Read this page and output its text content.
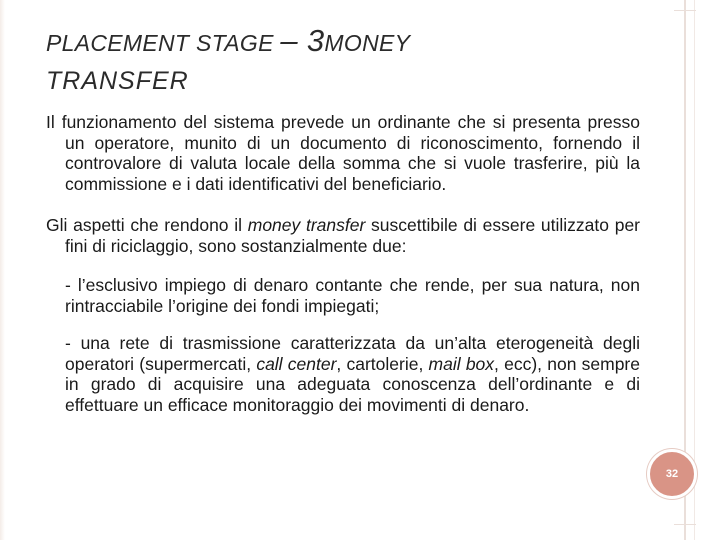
PLACEMENT STAGE – 3MONEY
TRANSFER

Il funzionamento del sistema prevede un ordinante che si presenta presso un operatore, munito di un documento di riconoscimento, fornendo il controvalore di valuta locale della somma che si vuole trasferire, più la commissione e i dati identificativi del beneficiario.

Gli aspetti che rendono il money transfer suscettibile di essere utilizzato per fini di riciclaggio, sono sostanzialmente due:

- l’esclusivo impiego di denaro contante che rende, per sua natura, non rintracciabile l’origine dei fondi impiegati;

- una rete di trasmissione caratterizzata da un’alta eterogeneità degli operatori (supermercati, call center, cartolerie, mail box, ecc), non sempre in grado di acquisire una adeguata conoscenza dell’ordinante e di effettuare un efficace monitoraggio dei movimenti di denaro.

32
